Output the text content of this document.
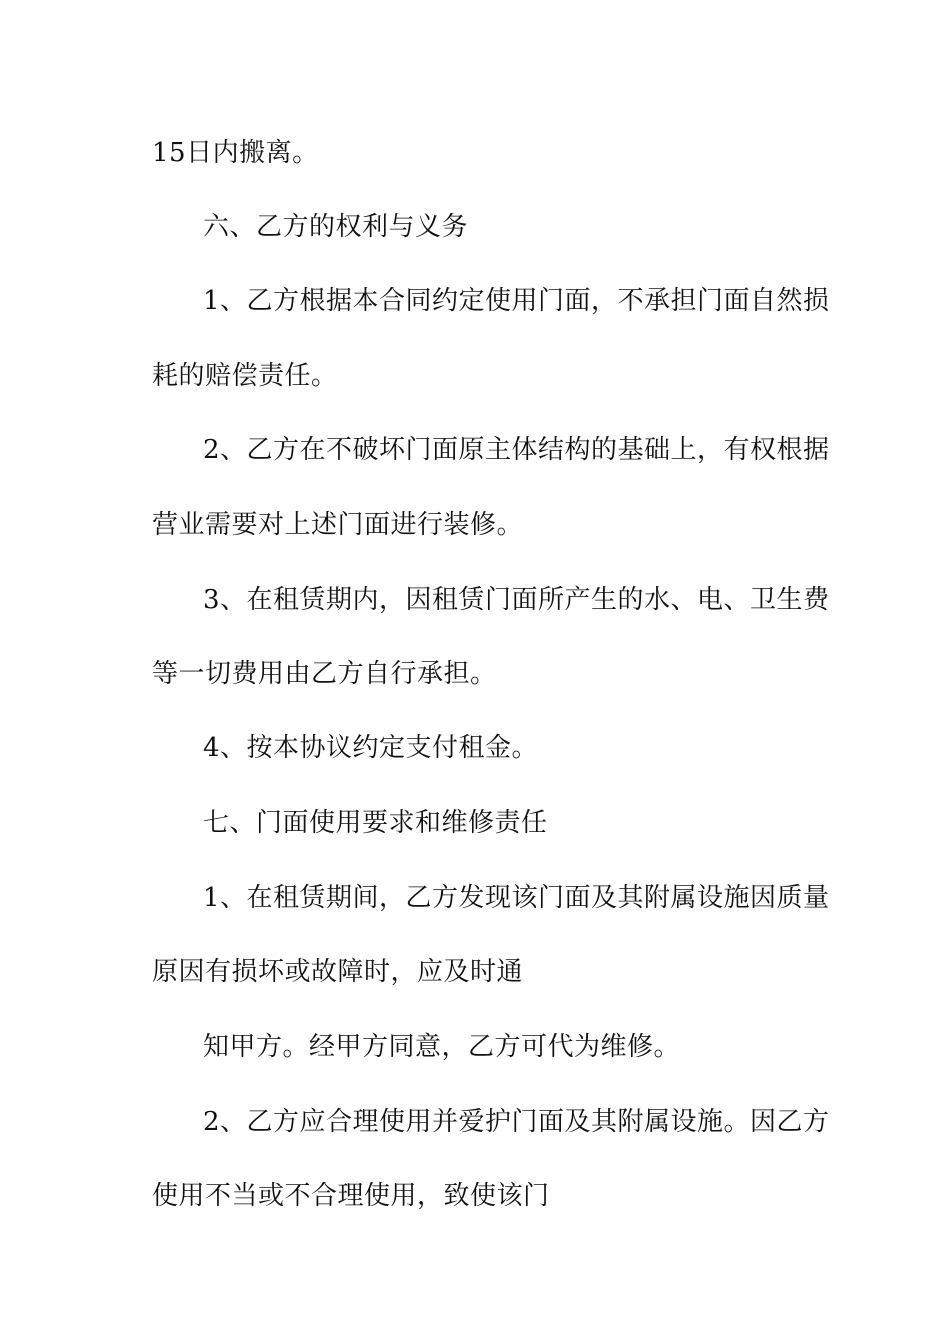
15日内搬离。
六、乙方的权利与义务
1、乙方根据本合同约定使用门面，不承担门面自然损
耗的赔偿责任。
2、乙方在不破坏门面原主体结构的基础上，有权根据
营业需要对上述门面进行装修。
3、在租赁期内，因租赁门面所产生的水、电、卫生费
等一切费用由乙方自行承担。
4、按本协议约定支付租金。
七、门面使用要求和维修责任
1、在租赁期间，乙方发现该门面及其附属设施因质量
原因有损坏或故障时，应及时通
知甲方。经甲方同意，乙方可代为维修。
2、乙方应合理使用并爱护门面及其附属设施。因乙方
使用不当或不合理使用，致使该门
